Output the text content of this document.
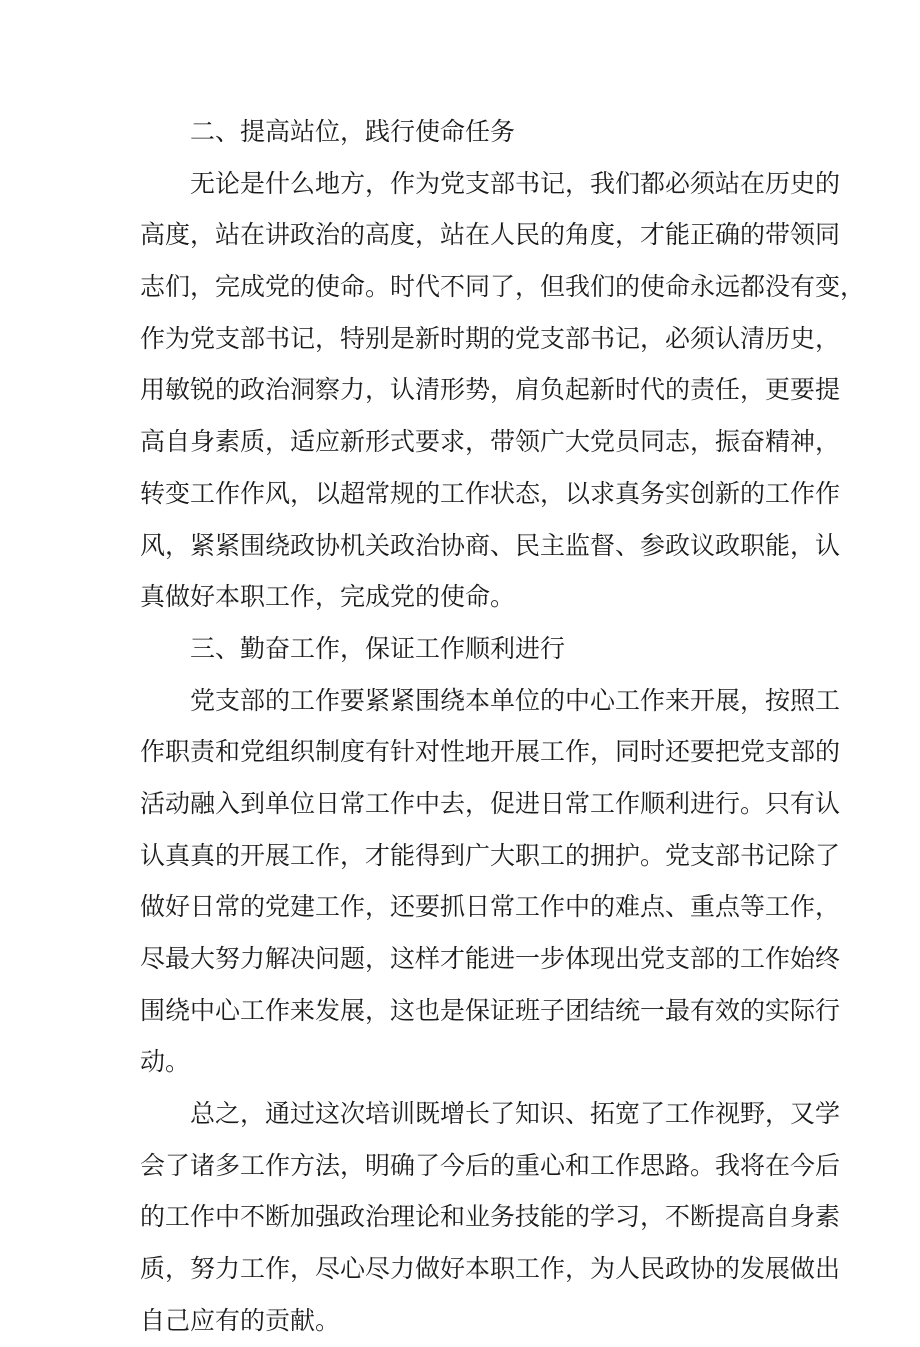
二、提高站位，践行使命任务
无论是什么地方，作为党支部书记，我们都必须站在历史的
高度，站在讲政治的高度，站在人民的角度，才能正确的带领同
志们，完成党的使命。时代不同了，但我们的使命永远都没有变，
作为党支部书记，特别是新时期的党支部书记，必须认清历史，
用敏锐的政治洞察力，认清形势，肩负起新时代的责任，更要提
高自身素质，适应新形式要求，带领广大党员同志，振奋精神，
转变工作作风，以超常规的工作状态，以求真务实创新的工作作
风，紧紧围绕政协机关政治协商、民主监督、参政议政职能，认
真做好本职工作，完成党的使命。
三、勤奋工作，保证工作顺利进行
党支部的工作要紧紧围绕本单位的中心工作来开展，按照工
作职责和党组织制度有针对性地开展工作，同时还要把党支部的
活动融入到单位日常工作中去，促进日常工作顺利进行。只有认
认真真的开展工作，才能得到广大职工的拥护。党支部书记除了
做好日常的党建工作，还要抓日常工作中的难点、重点等工作，
尽最大努力解决问题，这样才能进一步体现出党支部的工作始终
围绕中心工作来发展，这也是保证班子团结统一最有效的实际行
动。
总之，通过这次培训既增长了知识、拓宽了工作视野，又学
会了诸多工作方法，明确了今后的重心和工作思路。我将在今后
的工作中不断加强政治理论和业务技能的学习，不断提高自身素
质，努力工作，尽心尽力做好本职工作，为人民政协的发展做出
自己应有的贡献。
